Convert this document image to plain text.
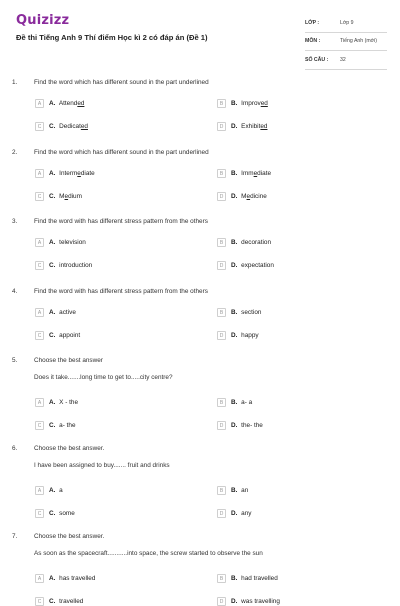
Quizizz
Đề thi Tiếng Anh 9 Thí điểm Học kì 2 có đáp án (Đề 1)
LỚP :	Lớp 9
MÔN :	Tiếng Anh (mới)
SỐ CÂU :	32
1.	Find the word which has different sound in the part underlined
A	A. Attended	B	B. Improved
C	C. Dedicated	D	D. Exhibited
2.	Find the word which has different sound in the part underlined
A	A. Intermediate	B	B. Immediate
C	C. Medium	D	D. Medicine
3.	Find the word with has different stress pattern from the others
A	A. television	B	B. decoration
C	C. introduction	D	D. expectation
4.	Find the word with has different stress pattern from the others
A	A. active	B	B. section
C	C. appoint	D	D. happy
5.	Choose the best answer
Does it take.......long time to get to.....city centre?
A	A. X - the	B	B. a- a
C	C. a- the	D	D. the- the
6.	Choose the best answer.
I have been assigned to buy....... fruit and drinks
A	A. a	B	B. an
C	C. some	D	D. any
7.	Choose the best answer.
As soon as the spacecraft...........into space, the screw started to observe the sun
A	A. has travelled	B	B. had travelled
C	C. travelled	D	D. was travelling
